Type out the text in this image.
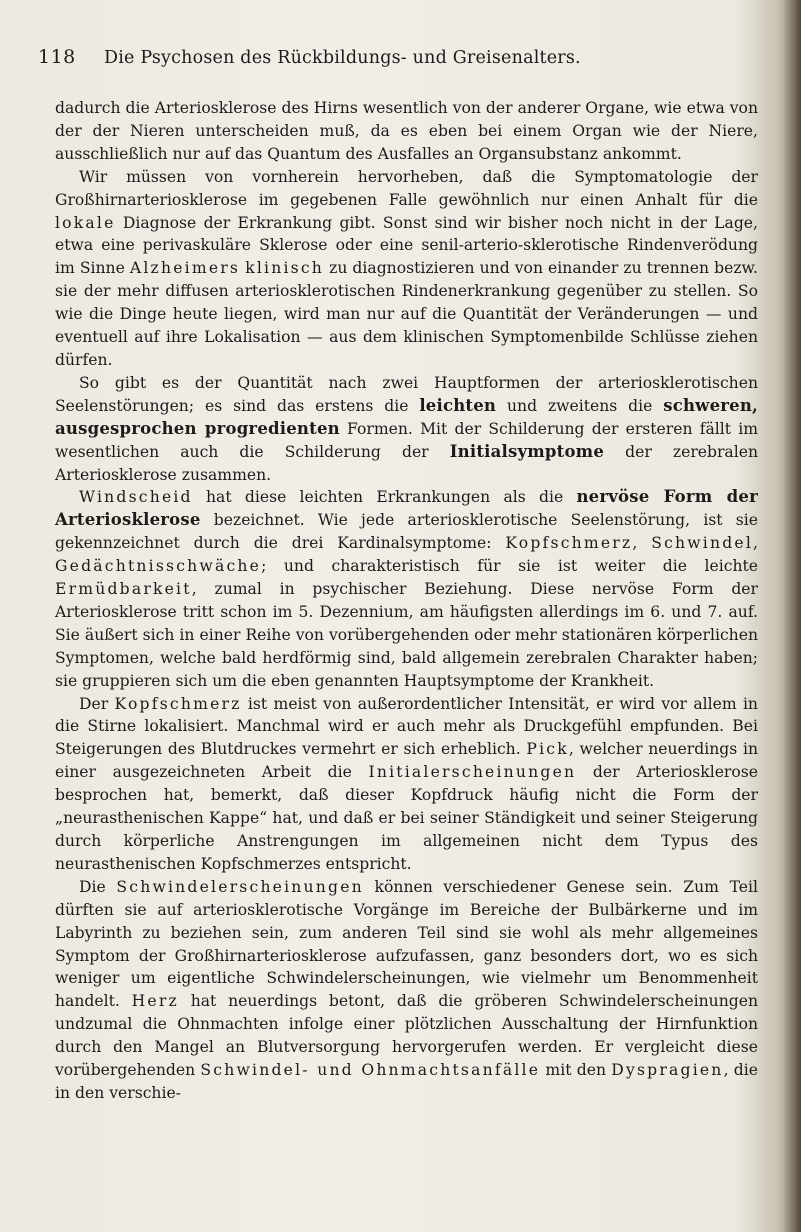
118 Die Psychosen des Rückbildungs- und Greisenalters.

dadurch die Arteriosklerose des Hirns wesentlich von der anderer Organe, wie etwa von der der Nieren unterscheiden muß, da es eben bei einem Organ wie der Niere, ausschließlich nur auf das Quantum des Ausfalles an Organsubstanz ankommt.

Wir müssen von vornherein hervorheben, daß die Symptomatologie der Großhirnarteriosklerose im gegebenen Falle gewöhnlich nur einen Anhalt für die lokale Diagnose der Erkrankung gibt. Sonst sind wir bisher noch nicht in der Lage, etwa eine perivaskuläre Sklerose oder eine senil-arterio-sklerotische Rindenverödung im Sinne Alzheimers klinisch zu diagnostizieren und von einander zu trennen bezw. sie der mehr diffusen arteriosklerotischen Rindenerkrankung gegenüber zu stellen. So wie die Dinge heute liegen, wird man nur auf die Quantität der Veränderungen — und eventuell auf ihre Lokalisation — aus dem klinischen Symptomenbilde Schlüsse ziehen dürfen.

So gibt es der Quantität nach zwei Hauptformen der arteriosklerotischen Seelenstörungen; es sind das erstens die leichten und zweitens die schweren, ausgesprochen progredienten Formen. Mit der Schilderung der ersteren fällt im wesentlichen auch die Schilderung der Initialsymptome der zerebralen Arteriosklerose zusammen.

Windscheid hat diese leichten Erkrankungen als die nervöse Form der Arteriosklerose bezeichnet. Wie jede arteriosklerotische Seelenstörung, ist sie gekennzeichnet durch die drei Kardinalsymptome: Kopfschmerz, Schwindel, Gedächtnisschwäche; und charakteristisch für sie ist weiter die leichte Ermüdbarkeit, zumal in psychischer Beziehung. Diese nervöse Form der Arteriosklerose tritt schon im 5. Dezennium, am häufigsten allerdings im 6. und 7. auf. Sie äußert sich in einer Reihe von vorübergehenden oder mehr stationären körperlichen Symptomen, welche bald herdförmig sind, bald allgemein zerebralen Charakter haben; sie gruppieren sich um die eben genannten Hauptsymptome der Krankheit.

Der Kopfschmerz ist meist von außerordentlicher Intensität, er wird vor allem in die Stirne lokalisiert. Manchmal wird er auch mehr als Druckgefühl empfunden. Bei Steigerungen des Blutdruckes vermehrt er sich erheblich. Pick, welcher neuerdings in einer ausgezeichneten Arbeit die Initialerscheinungen der Arteriosklerose besprochen hat, bemerkt, daß dieser Kopfdruck häufig nicht die Form der „neurasthenischen Kappe“ hat, und daß er bei seiner Ständigkeit und seiner Steigerung durch körperliche Anstrengungen im allgemeinen nicht dem Typus des neurasthenischen Kopfschmerzes entspricht.

Die Schwindelerscheinungen können verschiedener Genese sein. Zum Teil dürften sie auf arteriosklerotische Vorgänge im Bereiche der Bulbärkerne und im Labyrinth zu beziehen sein, zum anderen Teil sind sie wohl als mehr allgemeines Symptom der Großhirnarteriosklerose aufzufassen, ganz besonders dort, wo es sich weniger um eigentliche Schwindelerscheinungen, wie vielmehr um Benommenheit handelt. Herz hat neuerdings betont, daß die gröberen Schwindelerscheinungen undzumal die Ohnmachten infolge einer plötzlichen Ausschaltung der Hirnfunktion durch den Mangel an Blutversorgung hervorgerufen werden. Er vergleicht diese vorübergehenden Schwindel- und Ohnmachtsanfälle mit den Dyspragien, die in den verschie-
